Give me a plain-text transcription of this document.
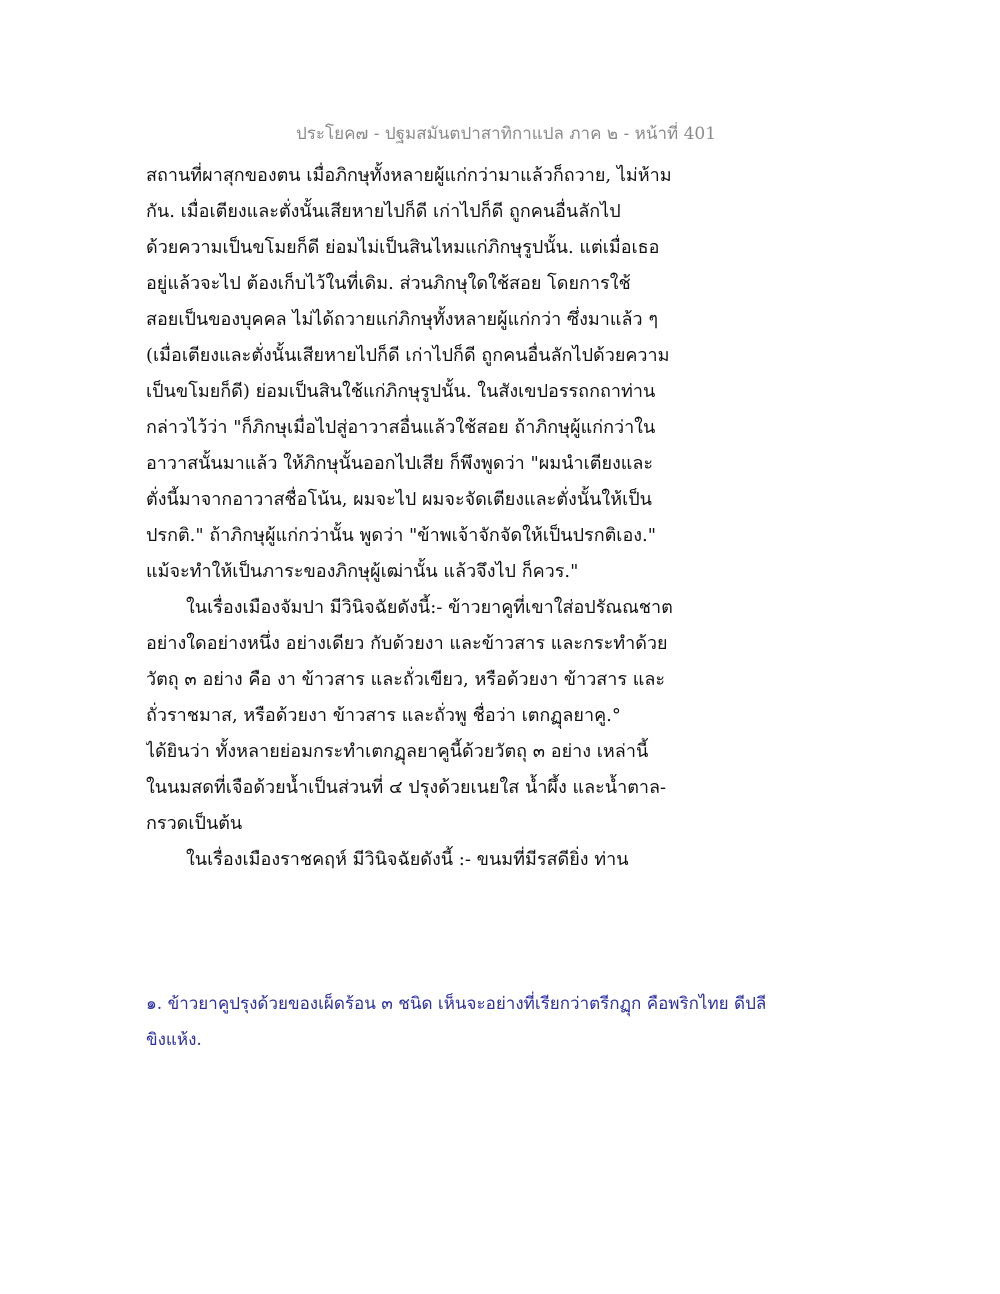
ประโยค๗ - ปฐมสมันตปาสาทิกาแปล ภาค ๒ - หน้าที่ 401
สถานที่ผาสุกของตน เมื่อภิกษุทั้งหลายผู้แก่กว่ามาแล้วก็ถวาย, ไม่ห้าม
กัน. เมื่อเตียงและตั่งนั้นเสียหายไปก็ดี เก่าไปก็ดี ถูกคนอื่นลักไป
ด้วยความเป็นขโมยก็ดี ย่อมไม่เป็นสินไหมแก่ภิกษุรูปนั้น. แต่เมื่อเธอ
อยู่แล้วจะไป ต้องเก็บไว้ในที่เดิม. ส่วนภิกษุใดใช้สอย โดยการใช้
สอยเป็นของบุคคล ไม่ได้ถวายแก่ภิกษุทั้งหลายผู้แก่กว่า ซึ่งมาแล้ว ๆ
(เมื่อเตียงและตั่งนั้นเสียหายไปก็ดี เก่าไปก็ดี ถูกคนอื่นลักไปด้วยความ
เป็นขโมยก็ดี) ย่อมเป็นสินใช้แก่ภิกษุรูปนั้น. ในสังเขปอรรถกถาท่าน
กล่าวไว้ว่า "ก็ภิกษุเมื่อไปสู่อาวาสอื่นแล้วใช้สอย ถ้าภิกษุผู้แก่กว่าใน
อาวาสนั้นมาแล้ว ให้ภิกษุนั้นออกไปเสีย ก็พึงพูดว่า "ผมนำเตียงและ
ตั่งนี้มาจากอาวาสชื่อโน้น, ผมจะไป ผมจะจัดเตียงและตั่งนั้นให้เป็น
ปรกติ." ถ้าภิกษุผู้แก่กว่านั้น พูดว่า "ข้าพเจ้าจักจัดให้เป็นปรกติเอง."
แม้จะทำให้เป็นภาระของภิกษุผู้เฒ่านั้น แล้วจึงไป ก็ควร."
ในเรื่องเมืองจัมปา มีวินิจฉัยดังนี้:- ข้าวยาคูที่เขาใส่อปรัณณชาต
อย่างใดอย่างหนึ่ง อย่างเดียว กับด้วยงา และข้าวสาร และกระทำด้วย
วัตถุ ๓ อย่าง คือ งา ข้าวสาร และถั่วเขียว, หรือด้วยงา ข้าวสาร และ
ถั่วราชมาส, หรือด้วยงา ข้าวสาร และถั่วพู ชื่อว่า เตกฏุลยาคู.°
ได้ยินว่า ทั้งหลายย่อมกระทำเตกฏุลยาคูนี้ด้วยวัตถุ ๓ อย่าง เหล่านี้
ในนมสดที่เจือด้วยน้ำเป็นส่วนที่ ๔ ปรุงด้วยเนยใส น้ำผึ้ง และน้ำตาล-
กรวดเป็นต้น
ในเรื่องเมืองราชคฤห์ มีวินิจฉัยดังนี้ :- ขนมที่มีรสดียิ่ง ท่าน
๑. ข้าวยาคูปรุงด้วยของเผ็ดร้อน ๓ ชนิด เห็นจะอย่างที่เรียกว่าตรีกฏุก คือพริกไทย ดีปลี
ขิงแห้ง.
